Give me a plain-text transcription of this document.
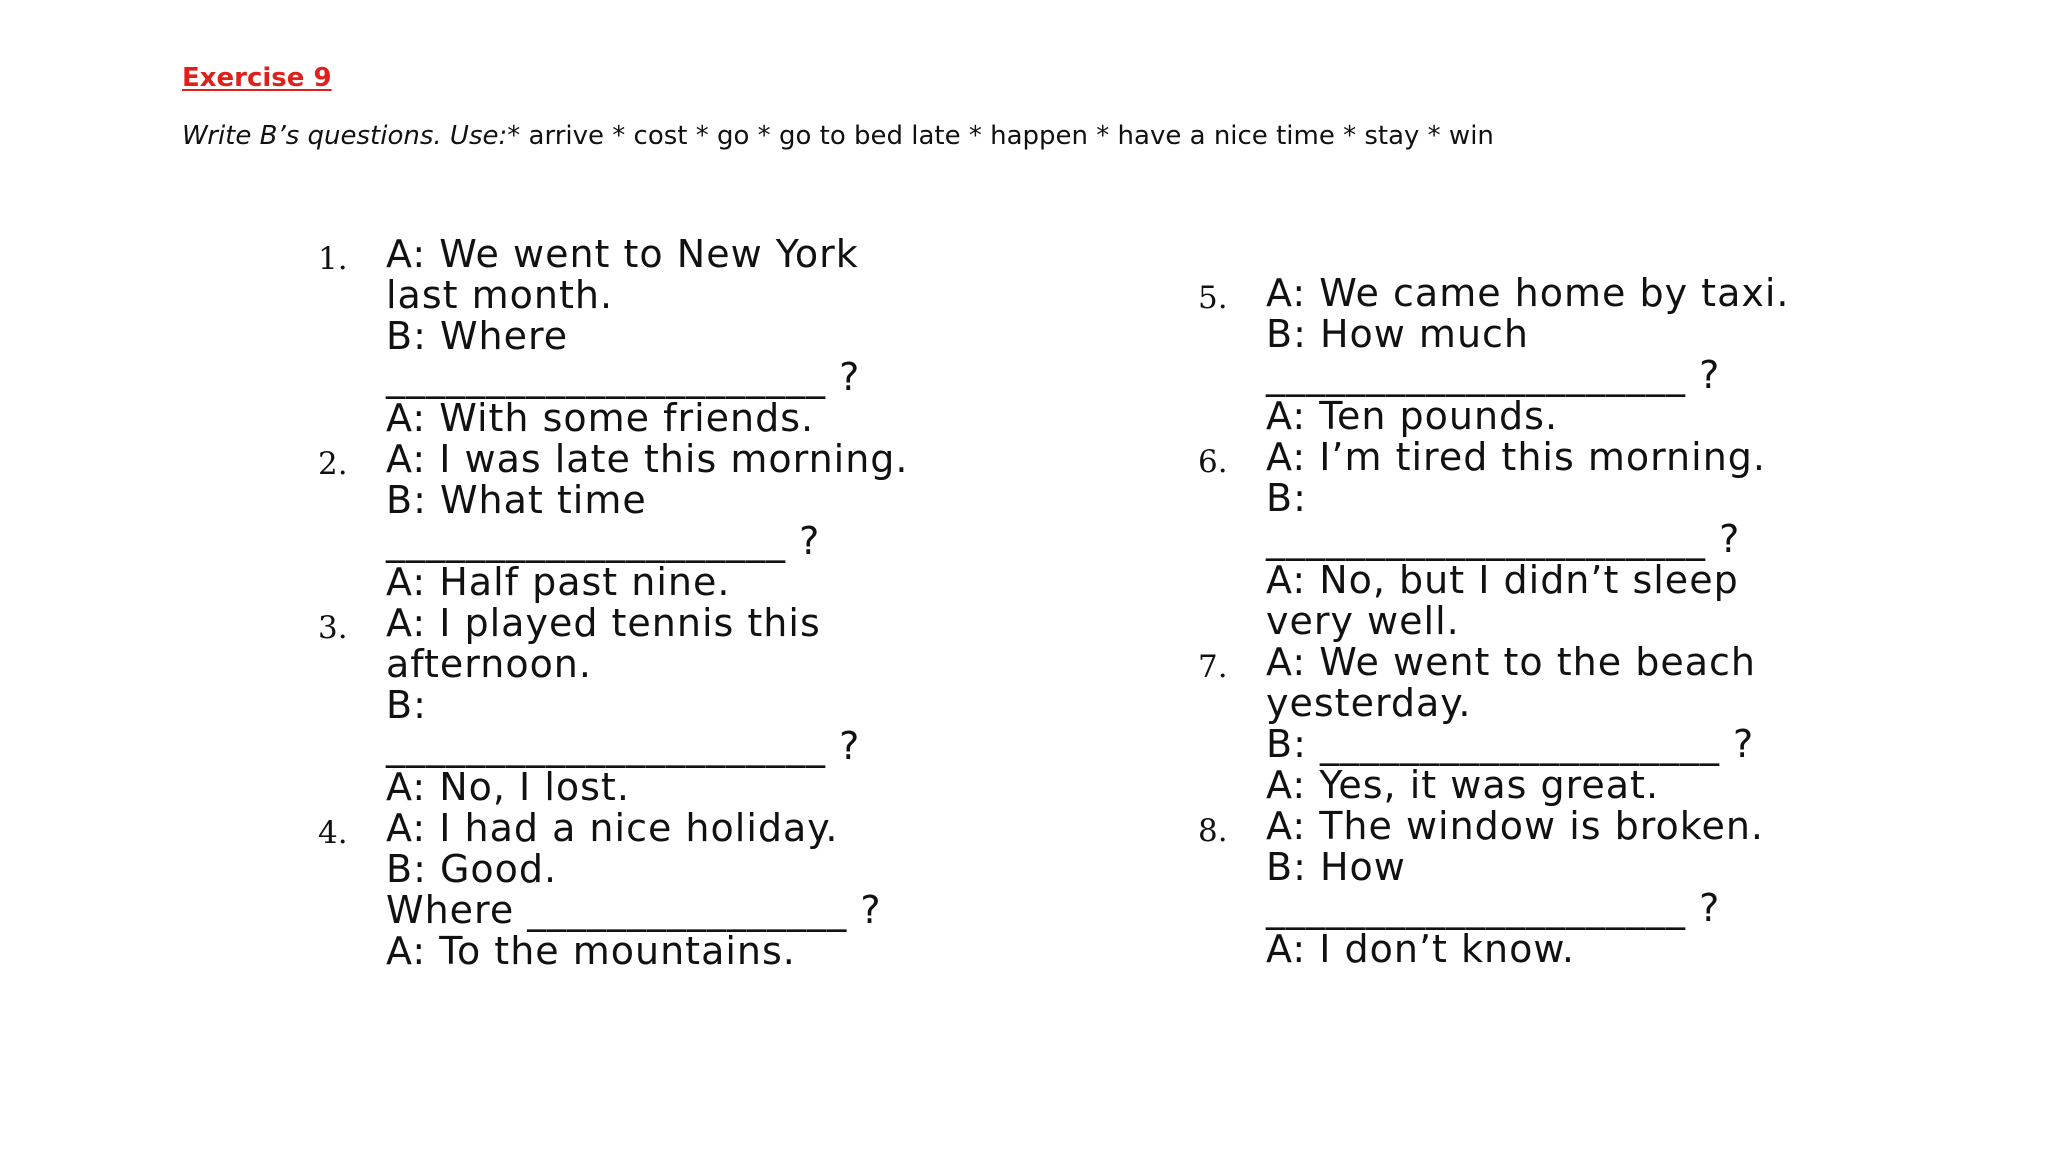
Exercise 9
Write B’s questions. Use:* arrive * cost * go * go to bed late * happen * have a nice time * stay * win
1. A: We went to New York
last month.
B: Where
______________________ ?
A: With some friends.
2. A: I was late this morning.
B: What time
____________________ ?
A: Half past nine.
3. A: I played tennis this
afternoon.
B:
______________________ ?
A: No, I lost.
4. A: I had a nice holiday.
B: Good.
Where ________________ ?
A: To the mountains.
5. A: We came home by taxi.
B: How much
_____________________ ?
A: Ten pounds.
6. A: I’m tired this morning.
B:
______________________ ?
A: No, but I didn’t sleep
very well.
7. A: We went to the beach
yesterday.
B: ____________________ ?
A: Yes, it was great.
8. A: The window is broken.
B: How
_____________________ ?
A: I don’t know.
